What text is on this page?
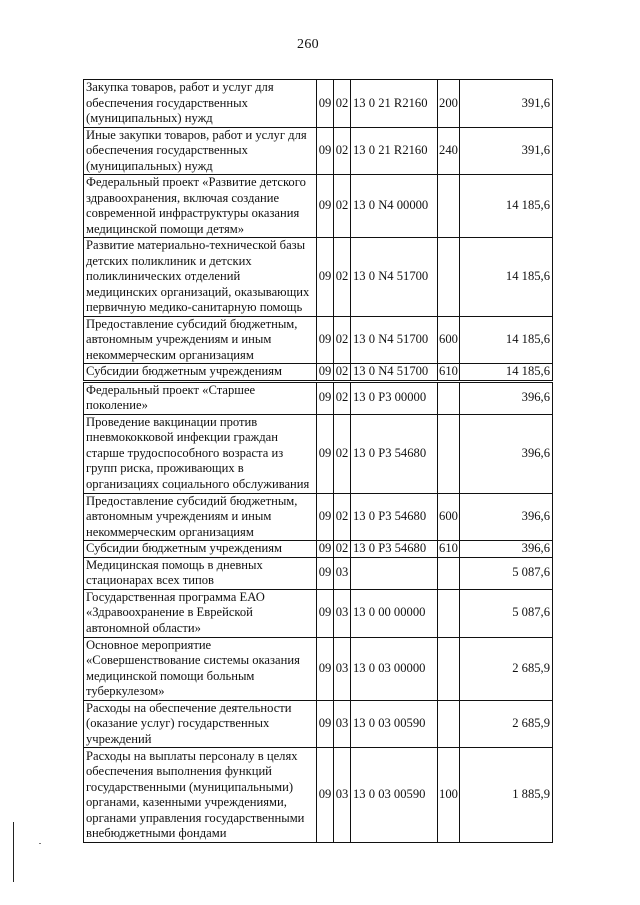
260
Закупка товаров, работ и услуг для обеспечения государственных (муниципальных) нужд	09	02	13 0 21 R2160	200	391,6
Иные закупки товаров, работ и услуг для обеспечения государственных (муниципальных) нужд	09	02	13 0 21 R2160	240	391,6
Федеральный проект «Развитие детского здравоохранения, включая создание современной инфраструктуры оказания медицинской помощи детям»	09	02	13 0 N4 00000		14 185,6
Развитие материально-технической базы детских поликлиник и детских поликлинических отделений медицинских организаций, оказывающих первичную медико-санитарную помощь	09	02	13 0 N4 51700		14 185,6
Предоставление субсидий бюджетным, автономным учреждениям и иным некоммерческим организациям	09	02	13 0 N4 51700	600	14 185,6
Субсидии бюджетным учреждениям	09	02	13 0 N4 51700	610	14 185,6
Федеральный проект «Старшее поколение»	09	02	13 0 P3 00000		396,6
Проведение вакцинации против пневмококковой инфекции граждан старше трудоспособного возраста из групп риска, проживающих в организациях социального обслуживания	09	02	13 0 P3 54680		396,6
Предоставление субсидий бюджетным, автономным учреждениям и иным некоммерческим организациям	09	02	13 0 P3 54680	600	396,6
Субсидии бюджетным учреждениям	09	02	13 0 P3 54680	610	396,6
Медицинская помощь в дневных стационарах всех типов	09	03			5 087,6
Государственная программа ЕАО «Здравоохранение в Еврейской автономной области»	09	03	13 0 00 00000		5 087,6
Основное мероприятие «Совершенствование системы оказания медицинской помощи больным туберкулезом»	09	03	13 0 03 00000		2 685,9
Расходы на обеспечение деятельности (оказание услуг) государственных учреждений	09	03	13 0 03 00590		2 685,9
Расходы на выплаты персоналу в целях обеспечения выполнения функций государственными (муниципальными) органами, казенными учреждениями, органами управления государственными внебюджетными фондами	09	03	13 0 03 00590	100	1 885,9
